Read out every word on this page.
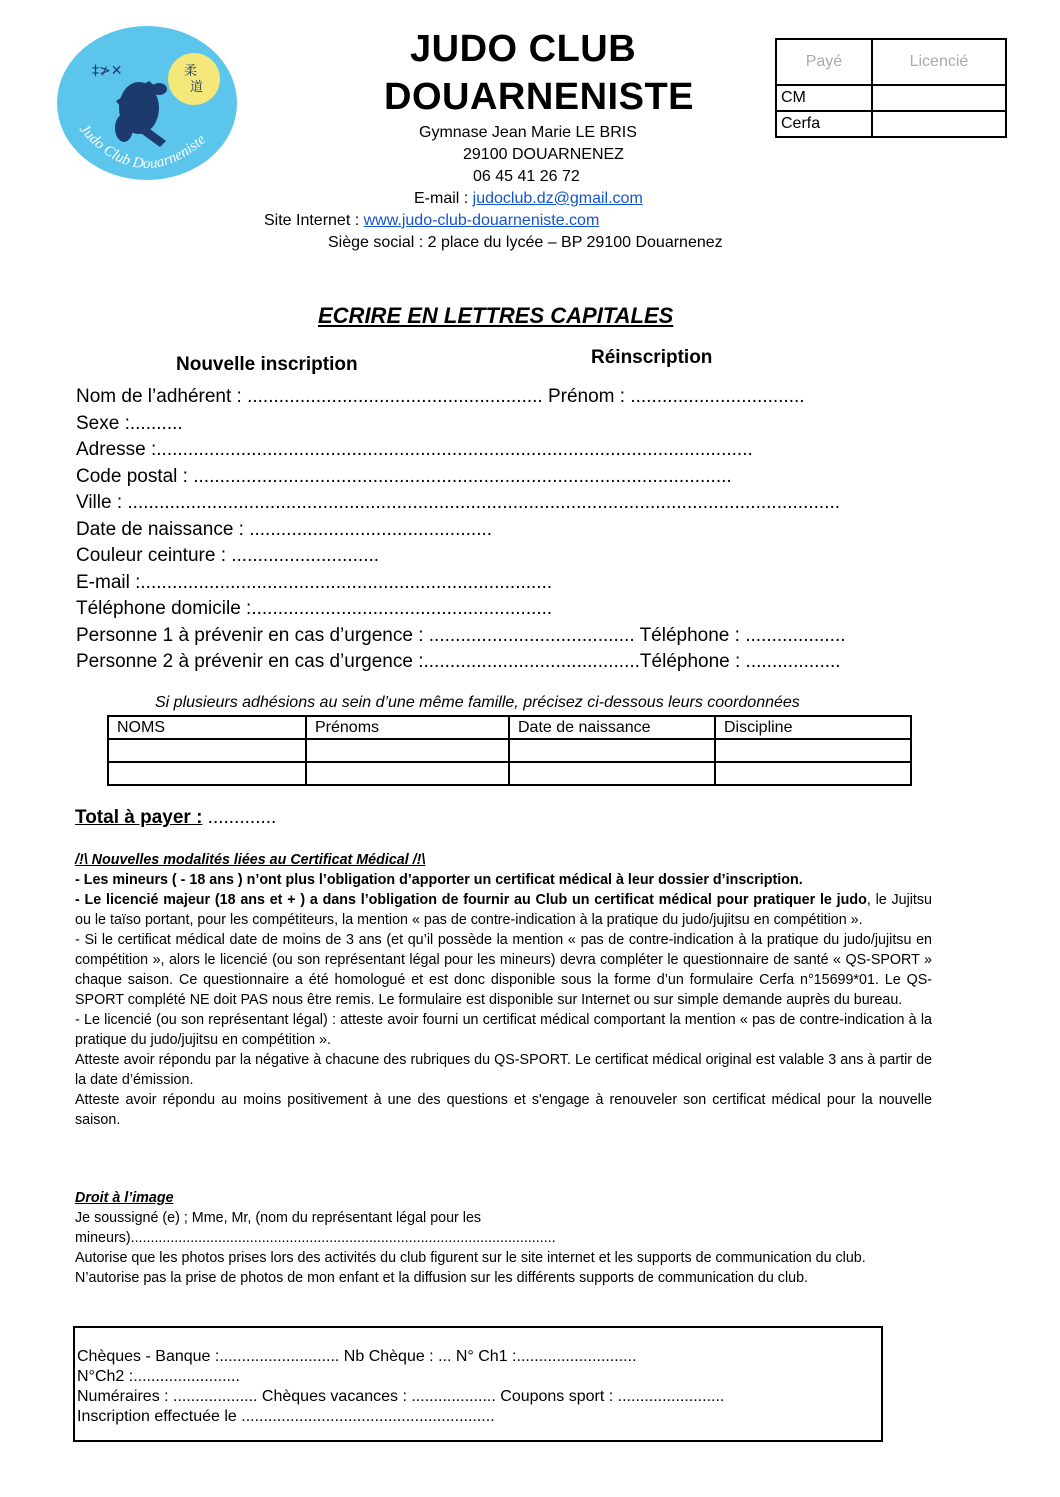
‡≯✕	柔
道
Judo Club Douarneniste
JUDO CLUB
DOUARNENISTE
Gymnase Jean Marie LE BRIS
29100 DOUARNENEZ
06 45 41 26 72
E-mail : judoclub.dz@gmail.com
Site Internet : www.judo-club-douarneniste.com
Siège social : 2 place du lycée – BP 29100 Douarnenez
Payé	Licencié
CM	
Cerfa	
ECRIRE EN LETTRES CAPITALES
Nouvelle inscription	Réinscription
Nom de l’adhérent : ........................................................ Prénom : .................................
Sexe :..........
Adresse :.................................................................................................................
Code postal : ......................................................................................................
Ville : .......................................................................................................................................
Date de naissance : ..............................................
Couleur ceinture : ............................
E-mail :..............................................................................
Téléphone domicile :.........................................................
Personne 1 à prévenir en cas d’urgence : ....................................... Téléphone : ...................
Personne 2 à prévenir en cas d’urgence :.........................................Téléphone : ..................
Si plusieurs adhésions au sein d’une même famille, précisez ci-dessous leurs coordonnées
NOMS	Prénoms	Date de naissance	Discipline

Total à payer : .............
/!\ Nouvelles modalités liées au Certificat Médical /!\
- Les mineurs ( - 18 ans ) n’ont plus l’obligation d’apporter un certificat médical à leur dossier d’inscription.
- Le licencié majeur (18 ans et + ) a dans l’obligation de fournir au Club un certificat médical pour pratiquer le judo, le Jujitsu ou le taïso portant, pour les compétiteurs, la mention « pas de contre-indication à la pratique du judo/jujitsu en compétition ».
- Si le certificat médical date de moins de 3 ans (et qu’il possède la mention « pas de contre-indication à la pratique du judo/jujitsu en compétition », alors le licencié (ou son représentant légal pour les mineurs) devra compléter le questionnaire de santé « QS-SPORT » chaque saison. Ce questionnaire a été homologué et est donc disponible sous la forme d’un formulaire Cerfa n°15699*01. Le QS-SPORT complété NE doit PAS nous être remis. Le formulaire est disponible sur Internet ou sur simple demande auprès du bureau.
- Le licencié (ou son représentant légal) : atteste avoir fourni un certificat médical comportant la mention « pas de contre-indication à la pratique du judo/jujitsu en compétition ».
Atteste avoir répondu par la négative à chacune des rubriques du QS-SPORT. Le certificat médical original est valable 3 ans à partir de la date d’émission.
Atteste avoir répondu au moins positivement à une des questions et s'engage à renouveler son certificat médical pour la nouvelle saison.
Droit à l’image
Je soussigné (e) ; Mme, Mr, (nom du représentant légal pour les
mineurs)...........................................................................................................
Autorise que les photos prises lors des activités du club figurent sur le site internet et les supports de communication du club.
N’autorise pas la prise de photos de mon enfant et la diffusion sur les différents supports de communication du club.
Chèques - Banque :........................... Nb Chèque : ... N° Ch1 :...........................
N°Ch2 :........................
Numéraires : ................... Chèques vacances : ................... Coupons sport : ........................
Inscription effectuée le .........................................................
